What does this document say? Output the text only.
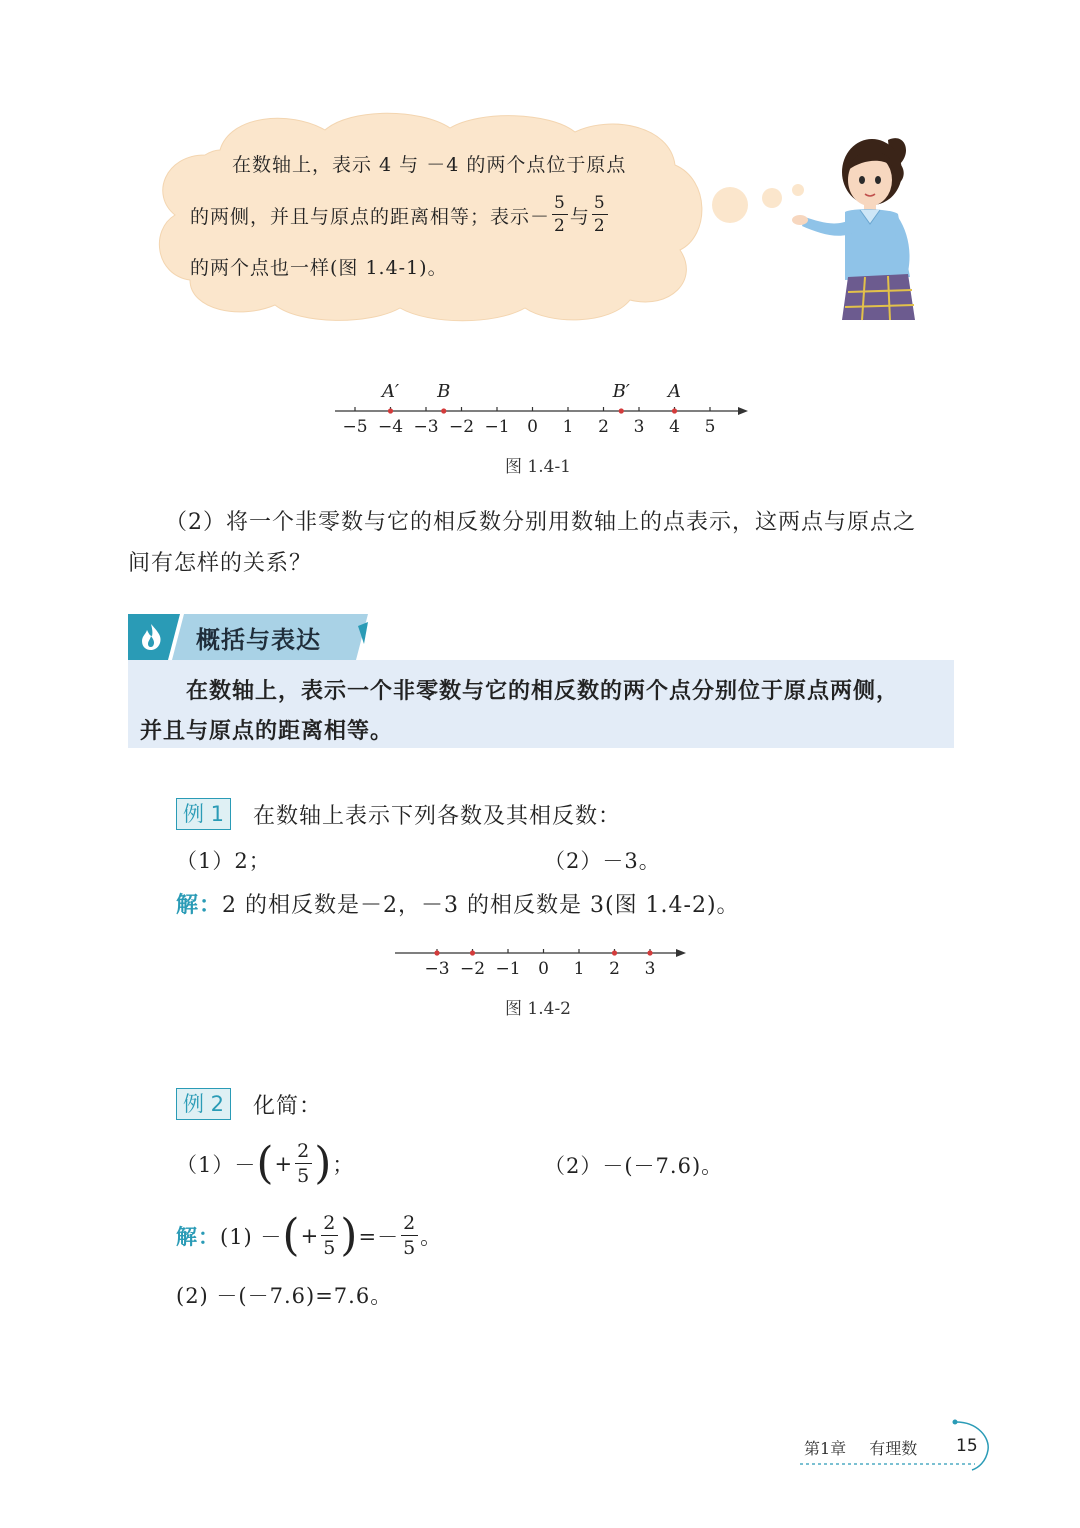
在数轴上，表示 4 与 －4 的两个点位于原点
的两侧，并且与原点的距离相等；表示－ $\frac{5}{2}$ 与 $\frac{5}{2}$
的两个点也一样(图 1.4-1)。
−5 −4 −3 −2 −1 0 1 2 3 4 5
A′ B	B′ A
图 1.4-1
（2）将一个非零数与它的相反数分别用数轴上的点表示，这两点与原点之
间有怎样的关系？
概括与表达
在数轴上，表示一个非零数与它的相反数的两个点分别位于原点两侧，
并且与原点的距离相等。
例 1	在数轴上表示下列各数及其相反数：
（1）2；	（2）－3。
解：2 的相反数是－2，－3 的相反数是 3(图 1.4-2)。
−3 −2 −1 0 1 2 3
图 1.4-2
例 2	化简：
（1）－ ( + $\frac{2}{5}$ ) ；	（2）－(－7.6)。
解： (1) － ( + $\frac{2}{5}$ ) =－ $\frac{2}{5}$ 。
(2) －(－7.6)=7.6。
第1章 有理数 15
